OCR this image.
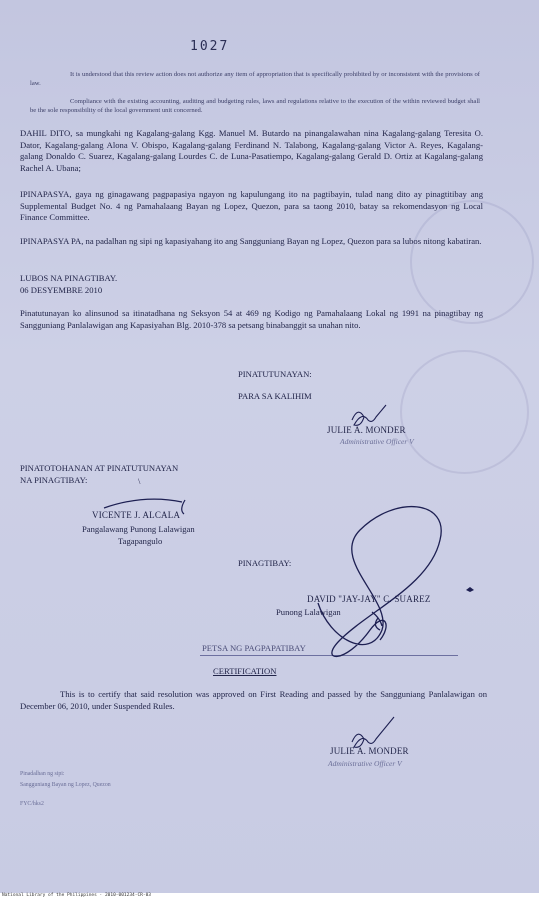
1027
It is understood that this review action does not authorize any item of appropriation that is specifically prohibited by or inconsistent with the provisions of law.
Compliance with the existing accounting, auditing and budgeting rules, laws and regulations relative to the execution of the within reviewed budget shall be the sole responsibility of the local government unit concerned.
DAHIL DITO, sa mungkahi ng Kagalang-galang Kgg. Manuel M. Butardo na pinangalawahan nina Kagalang-galang Teresita O. Dator, Kagalang-galang Alona V. Obispo, Kagalang-galang Ferdinand N. Talabong, Kagalang-galang Victor A. Reyes, Kagalang-galang Donaldo C. Suarez, Kagalang-galang Lourdes C. de Luna-Pasatiempo, Kagalang-galang Gerald D. Ortiz at Kagalang-galang Rachel A. Ubana;
IPINAPASYA, gaya ng ginagawang pagpapasiya ngayon ng kapulungang ito na pagtibayin, tulad nang dito ay pinagtitibay ang Supplemental Budget No. 4 ng Pamahalaang Bayan ng Lopez, Quezon, para sa taong 2010, batay sa rekomendasyon ng Local Finance Committee.
IPINAPASYA PA, na padalhan ng sipi ng kapasiyahang ito ang Sangguniang Bayan ng Lopez, Quezon para sa lubos nitong kabatiran.
LUBOS NA PINAGTIBAY.
06 DESYEMBRE 2010
Pinatutunayan ko alinsunod sa itinatadhana ng Seksyon 54 at 469 ng Kodigo ng Pamahalaang Lokal ng 1991 na pinagtibay ng Sangguniang Panlalawigan ang Kapasiyahan Blg. 2010-378 sa petsang binabanggit sa unahan nito.
PINATUTUNAYAN:
PARA SA KALIHIM
JULIE A. MONDER
Administrative Officer V
PINATOTOHANAN AT PINATUTUNAYAN
NA PINAGTIBAY:	\
VICENTE J. ALCALA
Pangalawang Punong Lalawigan
Tagapangulo
PINAGTIBAY:
DAVID "JAY-JAY" C. SUAREZ
Punong Lalawigan
PETSA NG PAGPAPATIBAY
CERTIFICATION
This is to certify that said resolution was approved on First Reading and passed by the Sangguniang Panlalawigan on December 06, 2010, under Suspended Rules.
JULIE A. MONDER
Administrative Officer V
Pinadalhan ng sipi:
Sangguniang Bayan ng Lopez, Quezon
FYC/hks2
National Library of the Philippines · 2010-001234-CR-03
